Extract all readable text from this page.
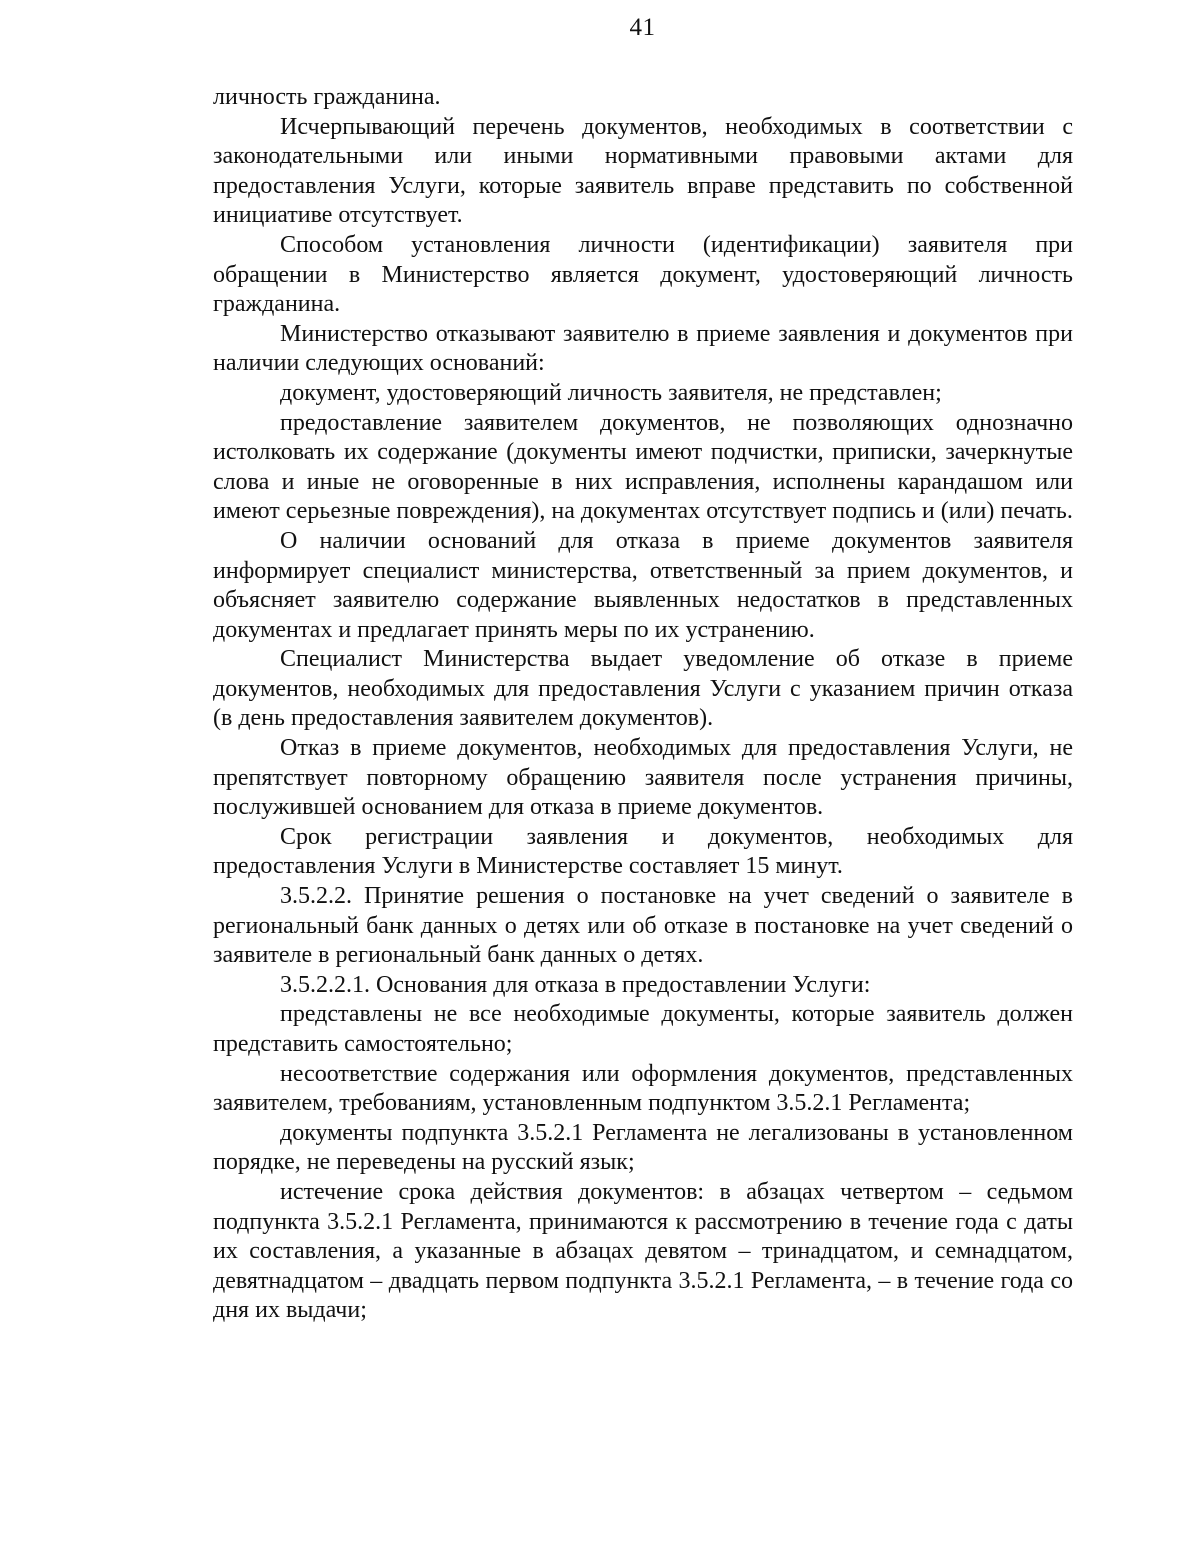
41

личность гражданина.

Исчерпывающий перечень документов, необходимых в соответствии с законодательными или иными нормативными правовыми актами для предоставления Услуги, которые заявитель вправе представить по собственной инициативе отсутствует.

Способом установления личности (идентификации) заявителя при обращении в Министерство является документ, удостоверяющий личность гражданина.

Министерство отказывают заявителю в приеме заявления и документов при наличии следующих оснований:

документ, удостоверяющий личность заявителя, не представлен;

предоставление заявителем документов, не позволяющих однозначно истолковать их содержание (документы имеют подчистки, приписки, зачеркнутые слова и иные не оговоренные в них исправления, исполнены карандашом или имеют серьезные повреждения), на документах отсутствует подпись и (или) печать.

О наличии оснований для отказа в приеме документов заявителя информирует специалист министерства, ответственный за прием документов, и объясняет заявителю содержание выявленных недостатков в представленных документах и предлагает принять меры по их устранению.

Специалист Министерства выдает уведомление об отказе в приеме документов, необходимых для предоставления Услуги с указанием причин отказа (в день предоставления заявителем документов).

Отказ в приеме документов, необходимых для предоставления Услуги, не препятствует повторному обращению заявителя после устранения причины, послужившей основанием для отказа в приеме документов.

Срок регистрации заявления и документов, необходимых для предоставления Услуги в Министерстве составляет 15 минут.

3.5.2.2. Принятие решения о постановке на учет сведений о заявителе в региональный банк данных о детях или об отказе в постановке на учет сведений о заявителе в региональный банк данных о детях.

3.5.2.2.1. Основания для отказа в предоставлении Услуги:

представлены не все необходимые документы, которые заявитель должен представить самостоятельно;

несоответствие содержания или оформления документов, представленных заявителем, требованиям, установленным подпунктом 3.5.2.1 Регламента;

документы подпункта 3.5.2.1 Регламента не легализованы в установленном порядке, не переведены на русский язык;

истечение срока действия документов: в абзацах четвертом – седьмом подпункта 3.5.2.1 Регламента, принимаются к рассмотрению в течение года с даты их составления, а указанные в абзацах девятом – тринадцатом, и семнадцатом, девятнадцатом – двадцать первом подпункта 3.5.2.1 Регламента, – в течение года со дня их выдачи;
